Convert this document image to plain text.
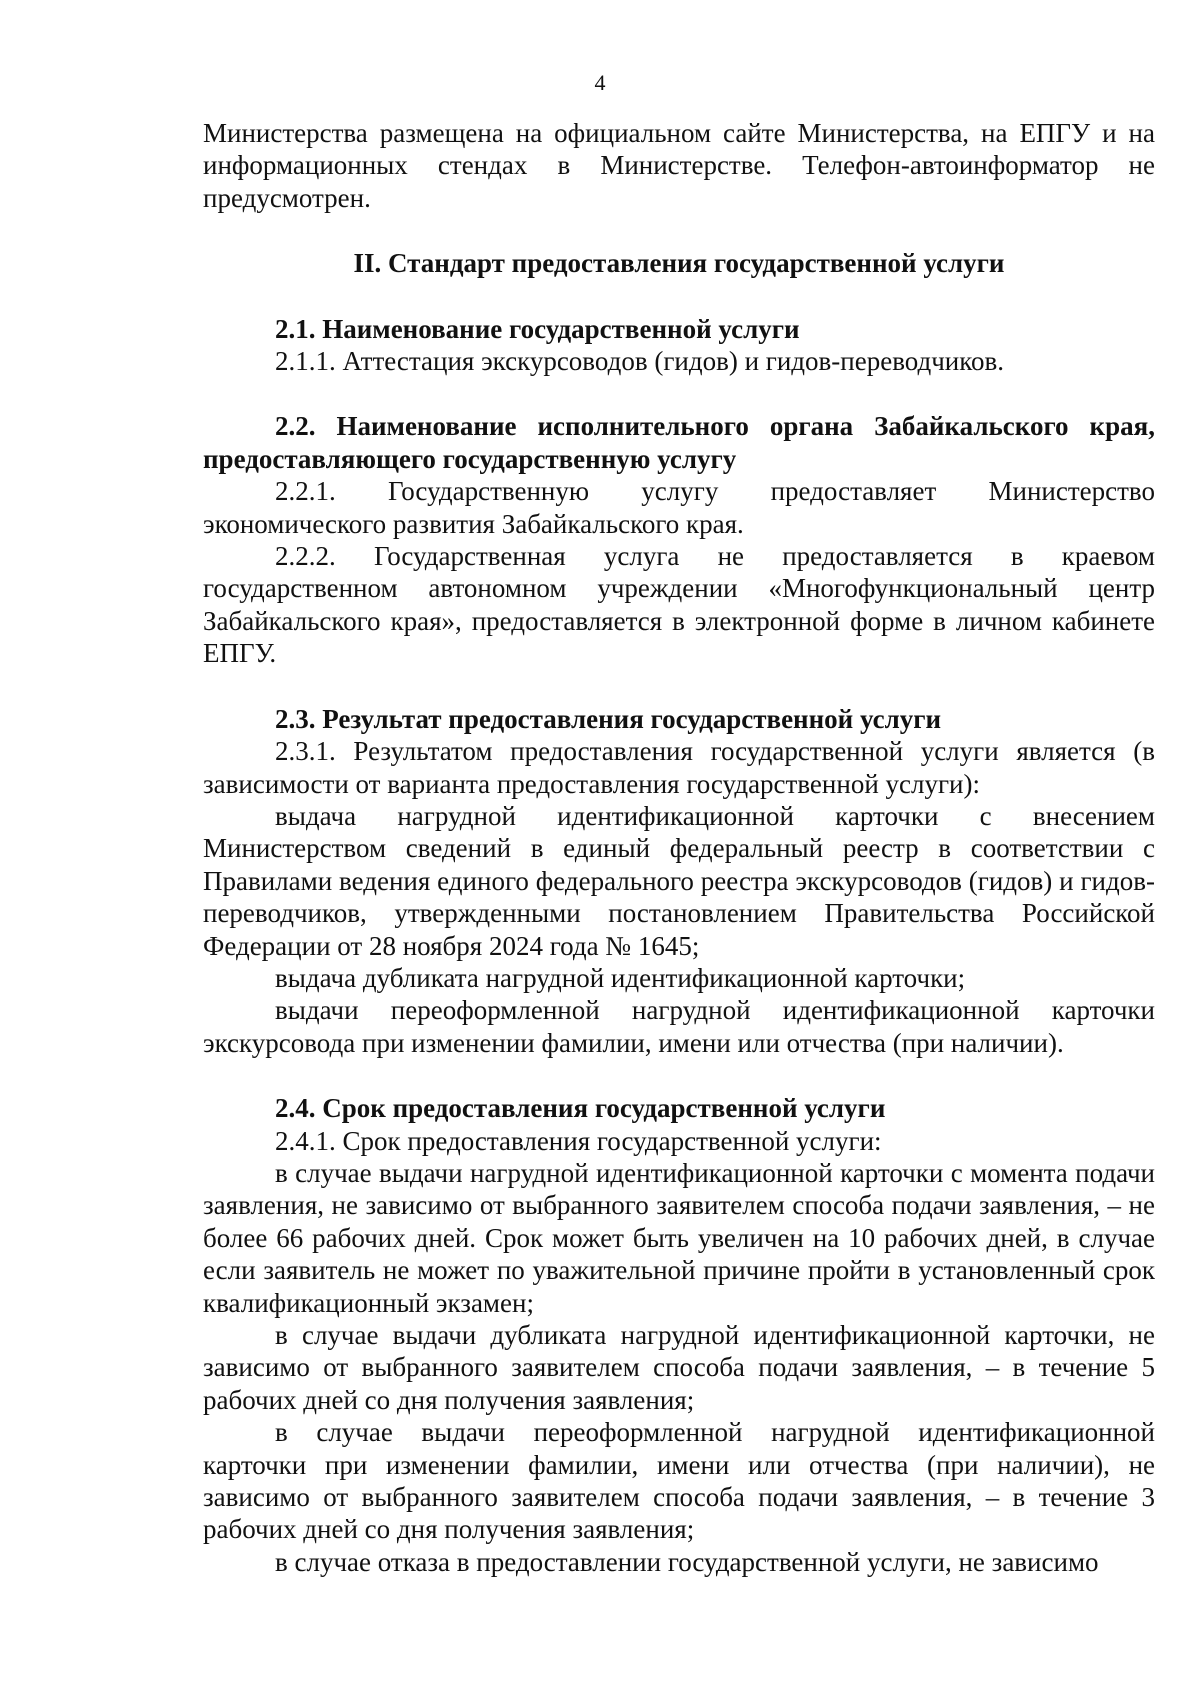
4

Министерства размещена на официальном сайте Министерства, на ЕПГУ и на информационных стендах в Министерстве. Телефон-автоинформатор не предусмотрен.

II. Стандарт предоставления государственной услуги

2.1. Наименование государственной услуги

2.1.1. Аттестация экскурсоводов (гидов) и гидов-переводчиков.

2.2. Наименование исполнительного органа Забайкальского края, предоставляющего государственную услугу

2.2.1. Государственную услугу предоставляет Министерство экономического развития Забайкальского края.

2.2.2. Государственная услуга не предоставляется в краевом государственном автономном учреждении «Многофункциональный центр Забайкальского края», предоставляется в электронной форме в личном кабинете ЕПГУ.

2.3. Результат предоставления государственной услуги

2.3.1. Результатом предоставления государственной услуги является (в зависимости от варианта предоставления государственной услуги):

выдача нагрудной идентификационной карточки с внесением Министерством сведений в единый федеральный реестр в соответствии с Правилами ведения единого федерального реестра экскурсоводов (гидов) и гидов-переводчиков, утвержденными постановлением Правительства Российской Федерации от 28 ноября 2024 года № 1645;

выдача дубликата нагрудной идентификационной карточки;

выдачи переоформленной нагрудной идентификационной карточки экскурсовода при изменении фамилии, имени или отчества (при наличии).

2.4. Срок предоставления государственной услуги

2.4.1. Срок предоставления государственной услуги:

в случае выдачи нагрудной идентификационной карточки с момента подачи заявления, не зависимо от выбранного заявителем способа подачи заявления, – не более 66 рабочих дней. Срок может быть увеличен на 10 рабочих дней, в случае если заявитель не может по уважительной причине пройти в установленный срок квалификационный экзамен;

в случае выдачи дубликата нагрудной идентификационной карточки, не зависимо от выбранного заявителем способа подачи заявления, – в течение 5 рабочих дней со дня получения заявления;

в случае выдачи переоформленной нагрудной идентификационной карточки при изменении фамилии, имени или отчества (при наличии), не зависимо от выбранного заявителем способа подачи заявления, – в течение 3 рабочих дней со дня получения заявления;

в случае отказа в предоставлении государственной услуги, не зависимо
